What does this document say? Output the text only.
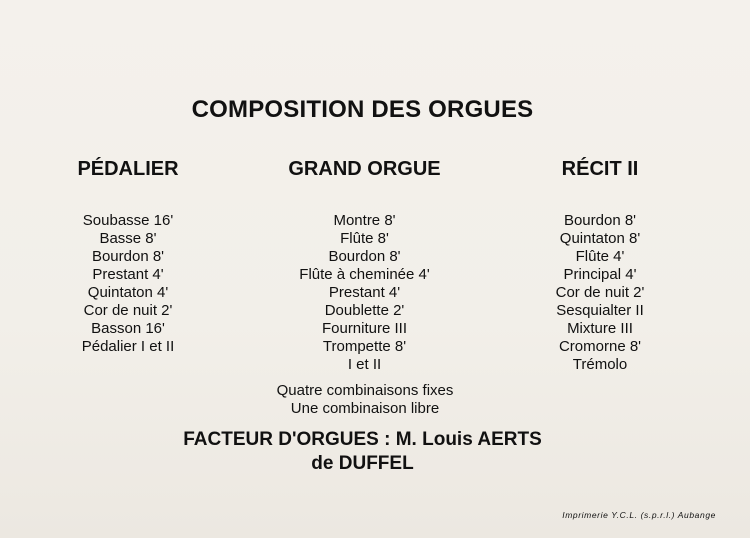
COMPOSITION DES ORGUES
PÉDALIER
Soubasse 16'
Basse 8'
Bourdon 8'
Prestant 4'
Quintaton 4'
Cor de nuit 2'
Basson 16'
Pédalier I et II
GRAND ORGUE
Montre 8'
Flûte 8'
Bourdon 8'
Flûte à cheminée 4'
Prestant 4'
Doublette 2'
Fourniture III
Trompette 8'
I et II
RÉCIT II
Bourdon 8'
Quintaton 8'
Flûte 4'
Principal 4'
Cor de nuit 2'
Sesquialter II
Mixture III
Cromorne 8'
Trémolo
Quatre combinaisons fixes
Une combinaison libre
FACTEUR D'ORGUES : M. Louis AERTS
de DUFFEL
Imprimerie Y.C.L. (s.p.r.l.) Aubange
